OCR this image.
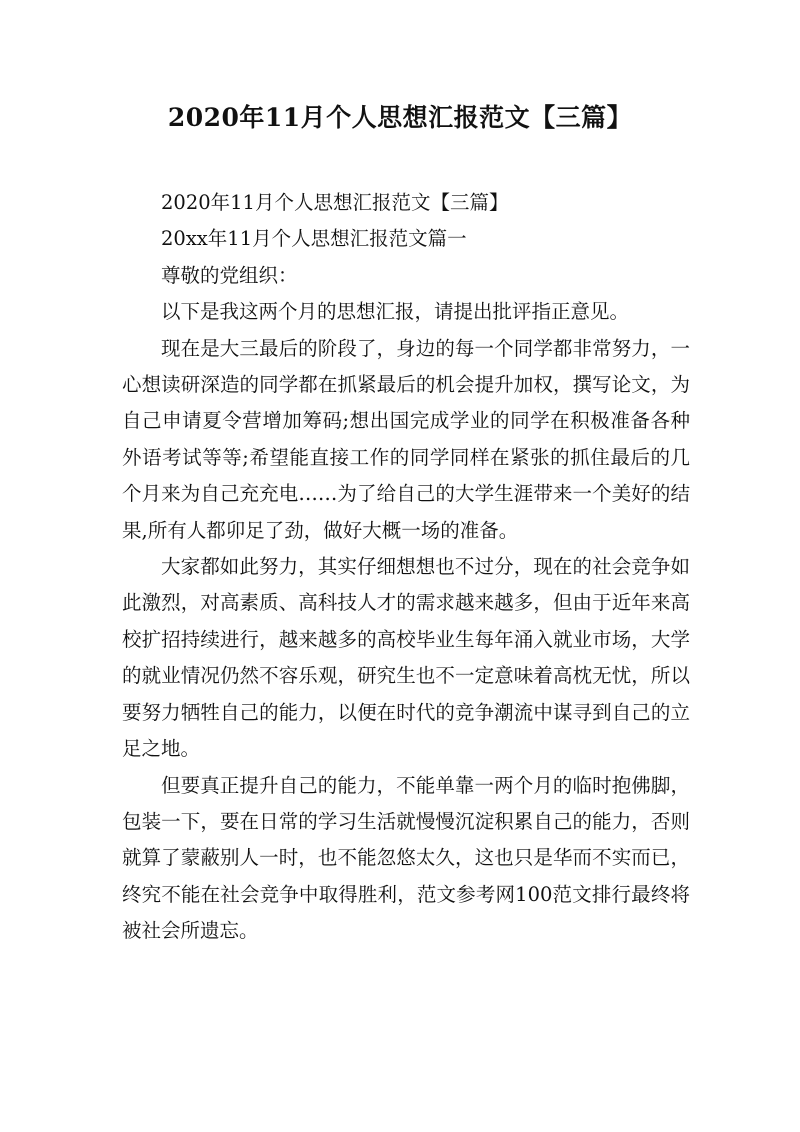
2020年11月个人思想汇报范文【三篇】

2020年11月个人思想汇报范文【三篇】

20xx年11月个人思想汇报范文篇一

尊敬的党组织：

以下是我这两个月的思想汇报，请提出批评指正意见。

现在是大三最后的阶段了，身边的每一个同学都非常努力，一心想读研深造的同学都在抓紧最后的机会提升加权，撰写论文，为自己申请夏令营增加筹码;想出国完成学业的同学在积极准备各种外语考试等等;希望能直接工作的同学同样在紧张的抓住最后的几个月来为自己充充电……为了给自己的大学生涯带来一个美好的结果,所有人都卯足了劲，做好大概一场的准备。

大家都如此努力，其实仔细想想也不过分，现在的社会竞争如此激烈，对高素质、高科技人才的需求越来越多，但由于近年来高校扩招持续进行，越来越多的高校毕业生每年涌入就业市场，大学的就业情况仍然不容乐观，研究生也不一定意味着高枕无忧，所以要努力牺牲自己的能力，以便在时代的竞争潮流中谋寻到自己的立足之地。

但要真正提升自己的能力，不能单靠一两个月的临时抱佛脚，包装一下，要在日常的学习生活就慢慢沉淀积累自己的能力，否则就算了蒙蔽别人一时，也不能忽悠太久，这也只是华而不实而已，终究不能在社会竞争中取得胜利，范文参考网100范文排行最终将被社会所遗忘。
